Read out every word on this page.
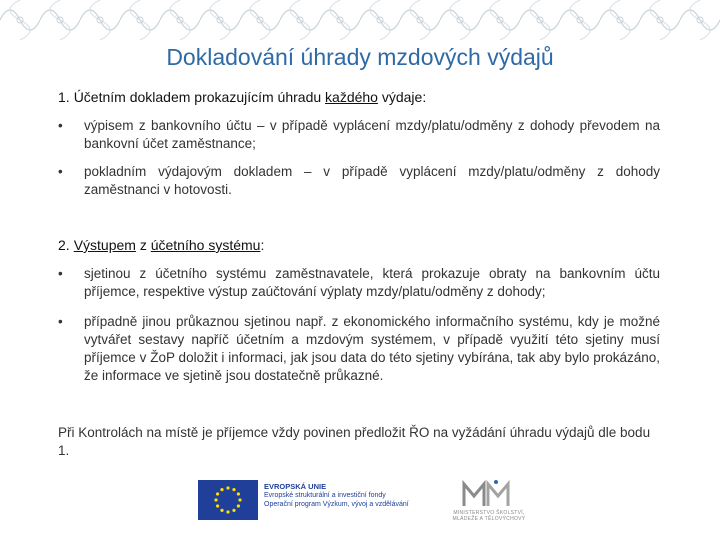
Dokladování úhrady mzdových výdajů
1. Účetním dokladem prokazujícím úhradu každého výdaje:
• výpisem z bankovního účtu – v případě vyplácení mzdy/platu/odměny z dohody převodem na bankovní účet zaměstnance;
• pokladním výdajovým dokladem – v případě vyplácení mzdy/platu/odměny z dohody zaměstnanci v hotovosti.
2. Výstupem z účetního systému:
• sjetinou z účetního systému zaměstnavatele, která prokazuje obraty na bankovním účtu příjemce, respektive výstup zaúčtování výplaty mzdy/platu/odměny z dohody;
• případně jinou průkaznou sjetinou např. z ekonomického informačního systému, kdy je možné vytvářet sestavy napříč účetním a mzdovým systémem, v případě využití této sjetiny musí příjemce v ŽoP doložit i informaci, jak jsou data do této sjetiny vybírána, tak aby bylo prokázáno, že informace ve sjetině jsou dostatečně průkazné.
Při Kontrolách na místě je příjemce vždy povinen předložit ŘO na vyžádání úhradu výdajů dle bodu 1.
EVROPSKÁ UNIE
Evropské strukturální a investiční fondy
Operační program Výzkum, vývoj a vzdělávání
MINISTERSTVO ŠKOLSTVÍ, MLÁDEŽE A TĚLOVÝCHOVY
